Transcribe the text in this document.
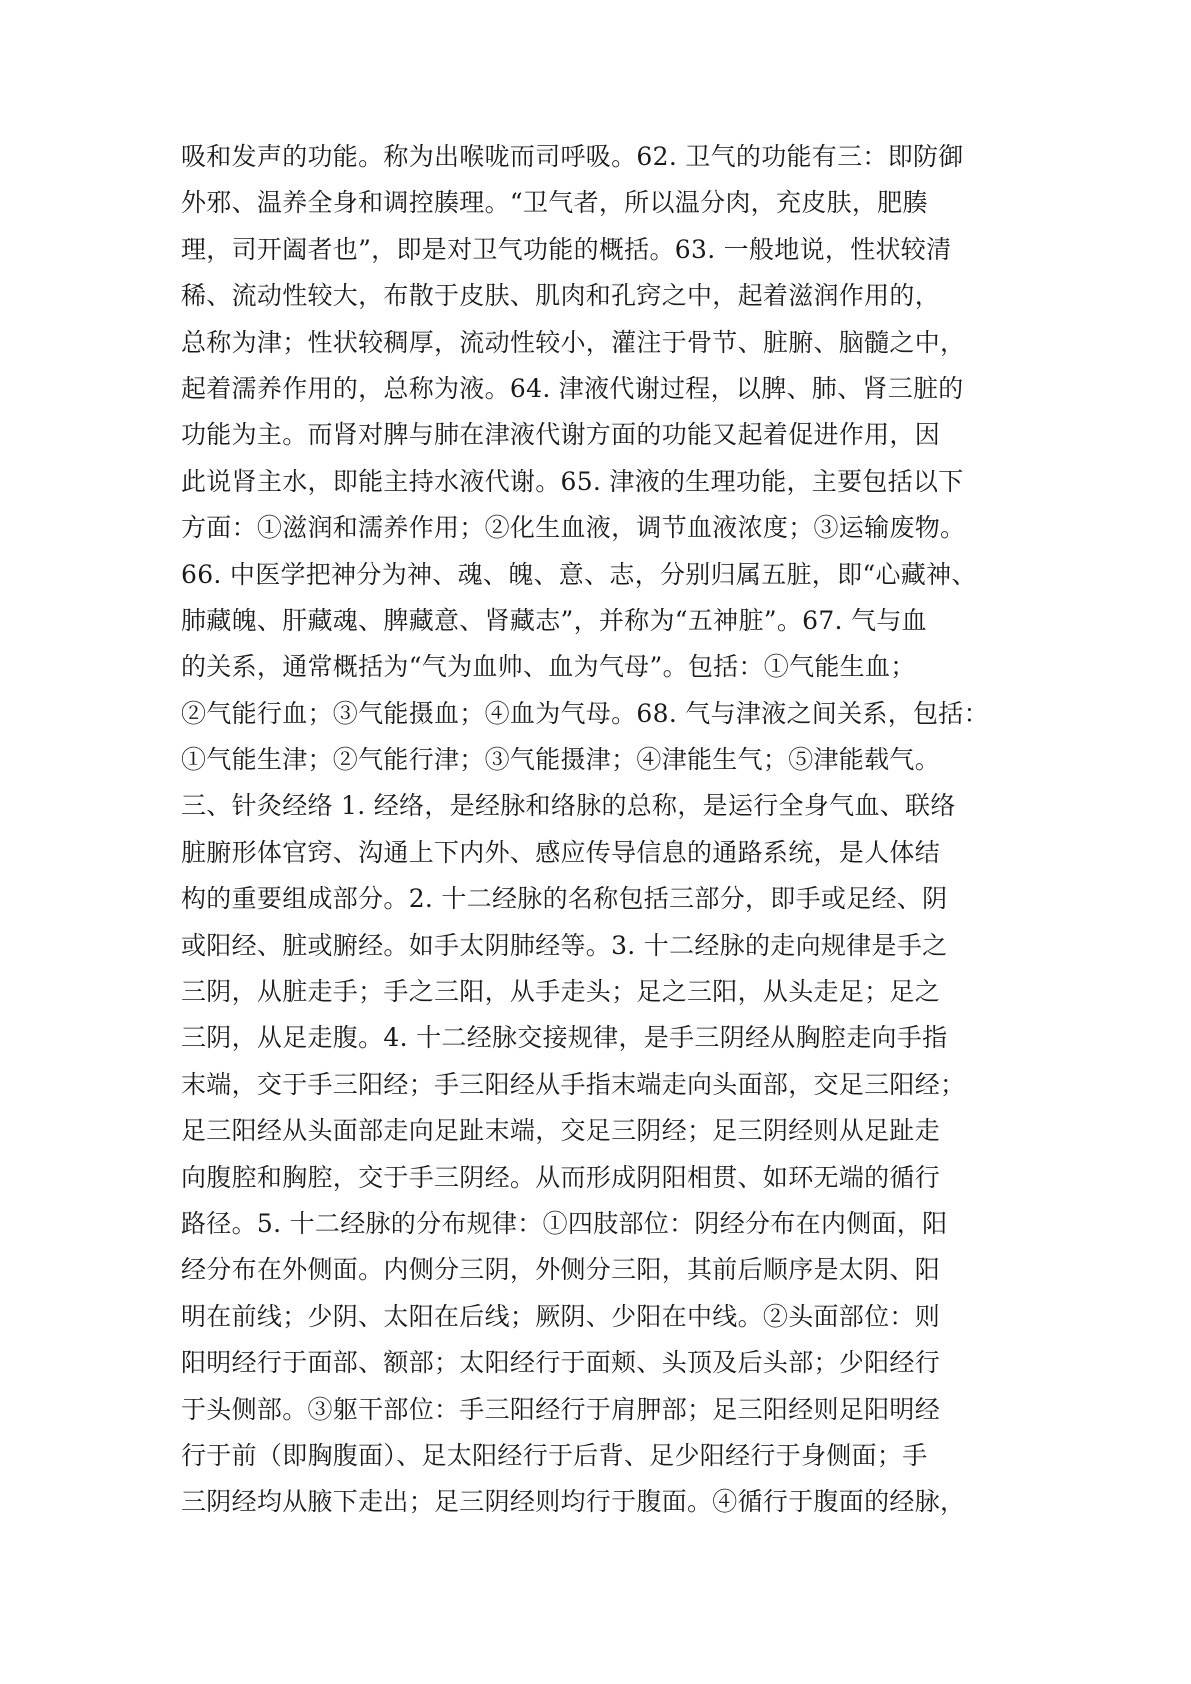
吸和发声的功能。称为出喉咙而司呼吸。62. 卫气的功能有三：即防御
外邪、温养全身和调控腠理。“卫气者，所以温分肉，充皮肤，肥腠
理，司开阖者也”，即是对卫气功能的概括。63. 一般地说，性状较清
稀、流动性较大，布散于皮肤、肌肉和孔窍之中，起着滋润作用的，
总称为津；性状较稠厚，流动性较小，灌注于骨节、脏腑、脑髓之中，
起着濡养作用的，总称为液。64. 津液代谢过程，以脾、肺、肾三脏的
功能为主。而肾对脾与肺在津液代谢方面的功能又起着促进作用，因
此说肾主水，即能主持水液代谢。65. 津液的生理功能，主要包括以下
方面：①滋润和濡养作用；②化生血液，调节血液浓度；③运输废物。
66. 中医学把神分为神、魂、魄、意、志，分别归属五脏，即“心藏神、
肺藏魄、肝藏魂、脾藏意、肾藏志”，并称为“五神脏”。67. 气与血
的关系，通常概括为“气为血帅、血为气母”。包括：①气能生血；
②气能行血；③气能摄血；④血为气母。68. 气与津液之间关系，包括：
①气能生津；②气能行津；③气能摄津；④津能生气；⑤津能载气。
三、针灸经络 1. 经络，是经脉和络脉的总称，是运行全身气血、联络
脏腑形体官窍、沟通上下内外、感应传导信息的通路系统，是人体结
构的重要组成部分。2. 十二经脉的名称包括三部分，即手或足经、阴
或阳经、脏或腑经。如手太阴肺经等。3. 十二经脉的走向规律是手之
三阴，从脏走手；手之三阳，从手走头；足之三阳，从头走足；足之
三阴，从足走腹。4. 十二经脉交接规律，是手三阴经从胸腔走向手指
末端，交于手三阳经；手三阳经从手指末端走向头面部，交足三阳经；
足三阳经从头面部走向足趾末端，交足三阴经；足三阴经则从足趾走
向腹腔和胸腔，交于手三阴经。从而形成阴阳相贯、如环无端的循行
路径。5. 十二经脉的分布规律：①四肢部位：阴经分布在内侧面，阳
经分布在外侧面。内侧分三阴，外侧分三阳，其前后顺序是太阴、阳
明在前线；少阴、太阳在后线；厥阴、少阳在中线。②头面部位：则
阳明经行于面部、额部；太阳经行于面颊、头顶及后头部；少阳经行
于头侧部。③躯干部位：手三阳经行于肩胛部；足三阳经则足阳明经
行于前（即胸腹面）、足太阳经行于后背、足少阳经行于身侧面；手
三阴经均从腋下走出；足三阴经则均行于腹面。④循行于腹面的经脉，
